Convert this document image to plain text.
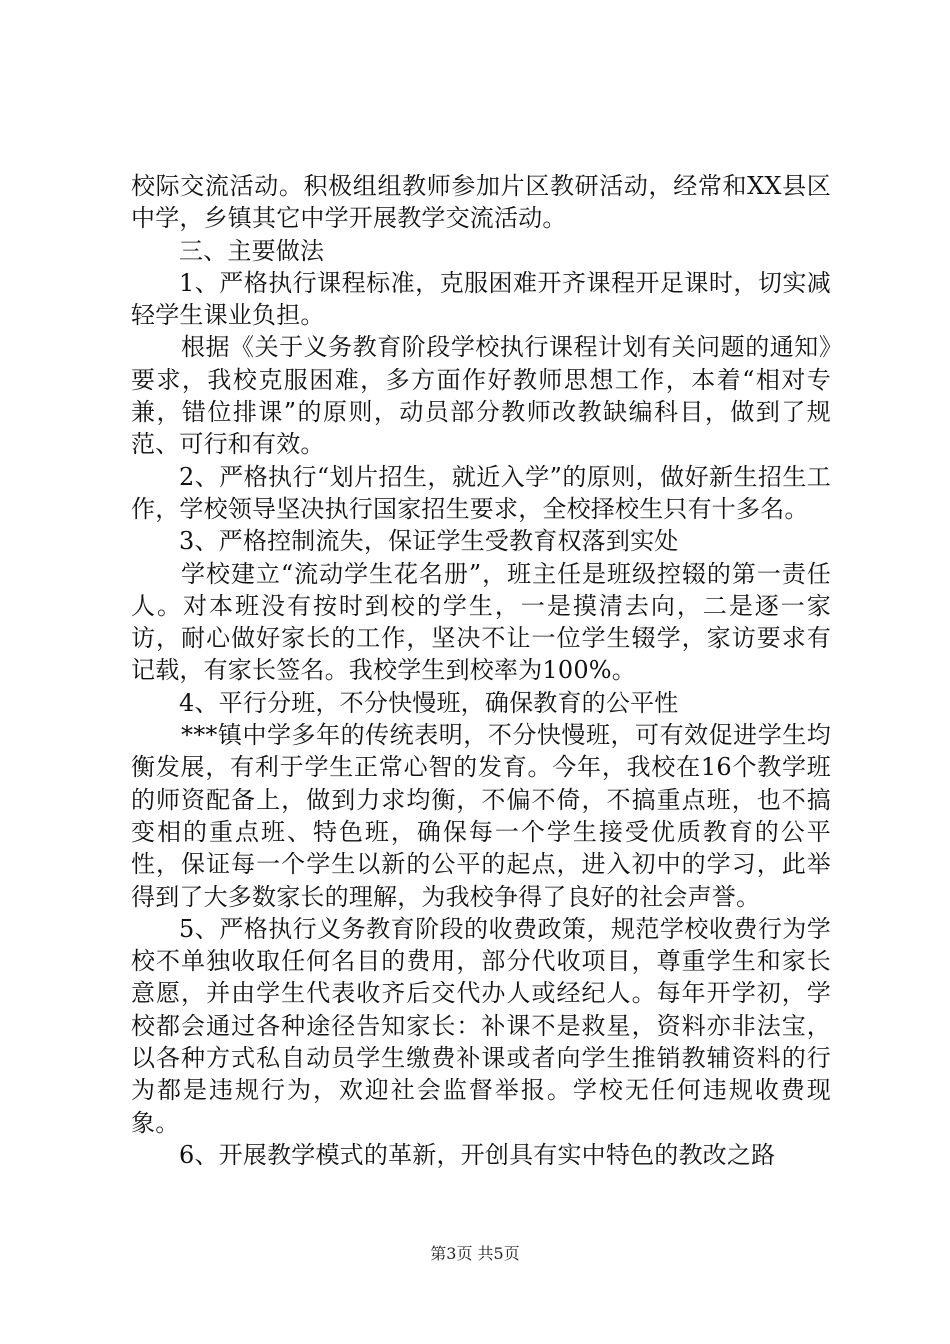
校际交流活动。积极组组教师参加片区教研活动，经常和XX县区中学，乡镇其它中学开展教学交流活动。

三、主要做法

1、严格执行课程标准，克服困难开齐课程开足课时，切实减轻学生课业负担。

根据《关于义务教育阶段学校执行课程计划有关问题的通知》要求，我校克服困难，多方面作好教师思想工作，本着“相对专兼，错位排课”的原则，动员部分教师改教缺编科目，做到了规范、可行和有效。

2、严格执行“划片招生，就近入学”的原则，做好新生招生工作，学校领导坚决执行国家招生要求，全校择校生只有十多名。

3、严格控制流失，保证学生受教育权落到实处

学校建立“流动学生花名册”，班主任是班级控辍的第一责任人。对本班没有按时到校的学生，一是摸清去向，二是逐一家访，耐心做好家长的工作，坚决不让一位学生辍学，家访要求有记载，有家长签名。我校学生到校率为100%。

4、平行分班，不分快慢班，确保教育的公平性

***镇中学多年的传统表明，不分快慢班，可有效促进学生均衡发展，有利于学生正常心智的发育。今年，我校在16个教学班的师资配备上，做到力求均衡，不偏不倚，不搞重点班，也不搞变相的重点班、特色班，确保每一个学生接受优质教育的公平性，保证每一个学生以新的公平的起点，进入初中的学习，此举得到了大多数家长的理解，为我校争得了良好的社会声誉。

5、严格执行义务教育阶段的收费政策，规范学校收费行为学校不单独收取任何名目的费用，部分代收项目，尊重学生和家长意愿，并由学生代表收齐后交代办人或经纪人。每年开学初，学校都会通过各种途径告知家长：补课不是救星，资料亦非法宝，以各种方式私自动员学生缴费补课或者向学生推销教辅资料的行为都是违规行为，欢迎社会监督举报。学校无任何违规收费现象。

6、开展教学模式的革新，开创具有实中特色的教改之路

第3页 共5页
